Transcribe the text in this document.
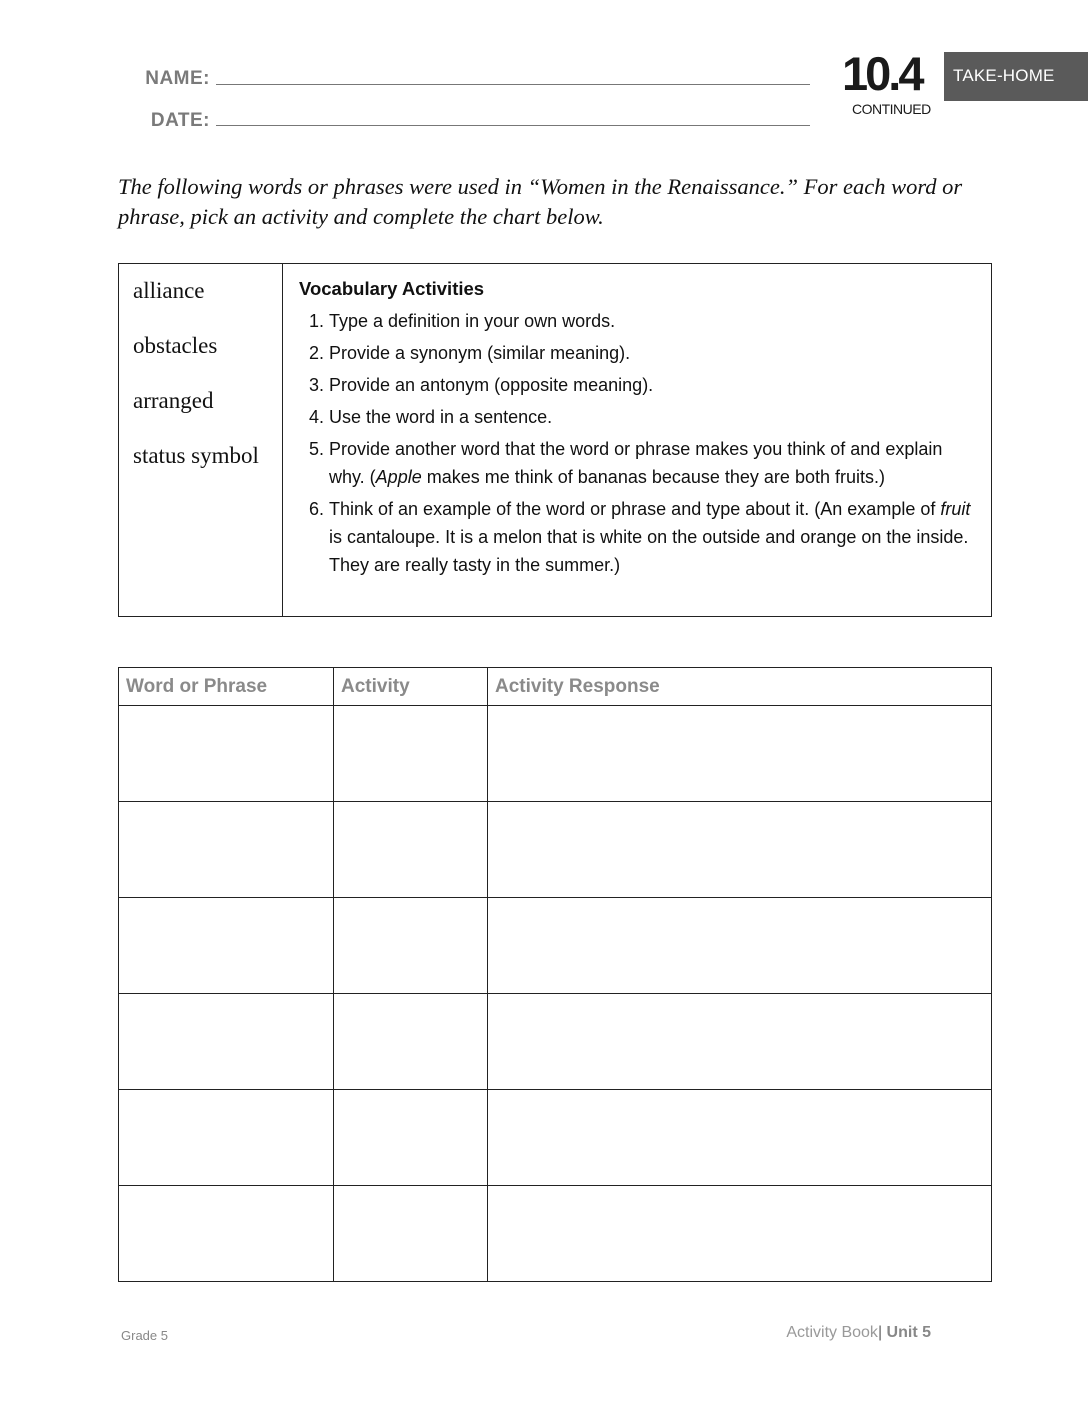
NAME:
DATE:
10.4
CONTINUED
TAKE-HOME
The following words or phrases were used in “Women in the Renaissance.” For each word or phrase, pick an activity and complete the chart below.
alliance
obstacles
arranged
status symbol
Vocabulary Activities
1. Type a definition in your own words.
2. Provide a synonym (similar meaning).
3. Provide an antonym (opposite meaning).
4. Use the word in a sentence.
5. Provide another word that the word or phrase makes you think of and explain why. (Apple makes me think of bananas because they are both fruits.)
6. Think of an example of the word or phrase and type about it. (An example of fruit is cantaloupe. It is a melon that is white on the outside and orange on the inside. They are really tasty in the summer.)
Word or Phrase	Activity	Activity Response

Grade 5	Activity Book| Unit 5
